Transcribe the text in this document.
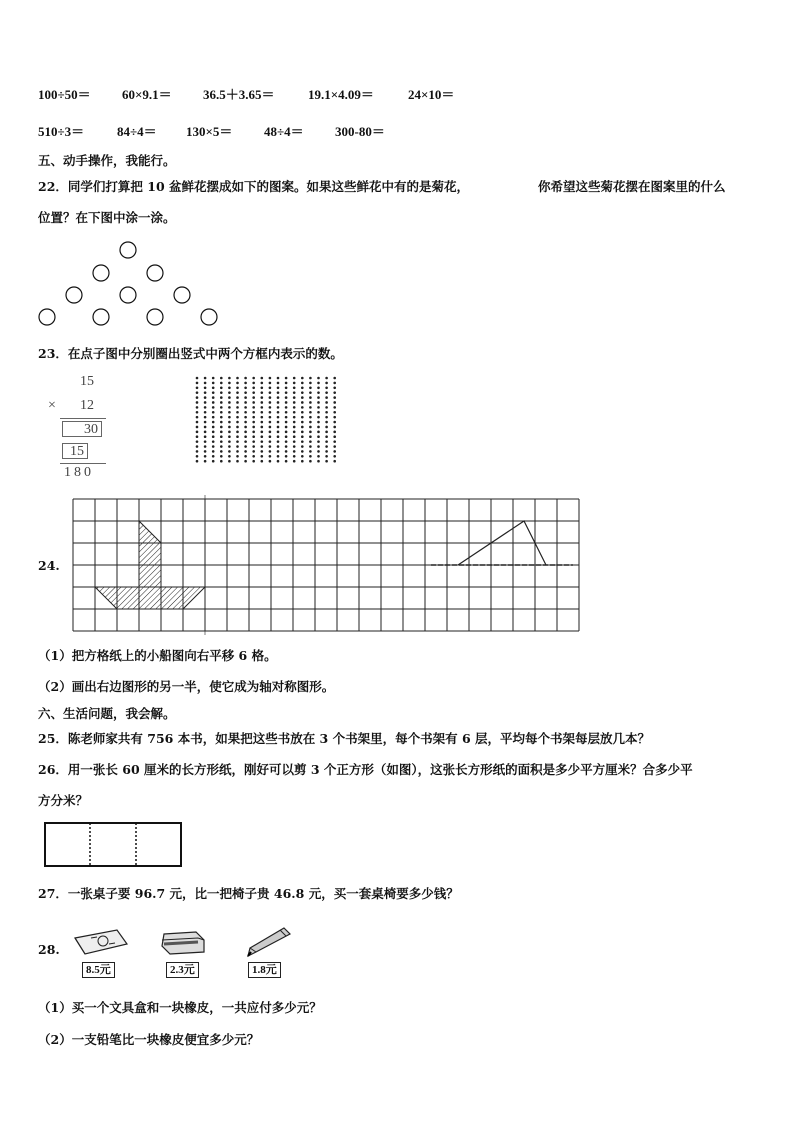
100÷50＝ 60×9.1＝ 36.5＋3.65＝	19.1×4.09＝	24×10＝
510÷3＝	84÷4＝ 130×5＝ 48÷4＝ 300-80＝
五、动手操作，我能行。
22．同学们打算把 10 盆鲜花摆成如下的图案。如果这些鲜花中有的是菊花，	你希望这些菊花摆在图案里的什么
位置？在下图中涂一涂。
23．在点子图中分别圈出竖式中两个方框内表示的数。
15
× 12
30
15
180
24.
（1）把方格纸上的小船图向右平移 6 格。
（2）画出右边图形的另一半，使它成为轴对称图形。
六、生活问题，我会解。
25．陈老师家共有 756 本书，如果把这些书放在 3 个书架里，每个书架有 6 层，平均每个书架每层放几本？
26．用一张长 60 厘米的长方形纸，刚好可以剪 3 个正方形（如图），这张长方形纸的面积是多少平方厘米？合多少平
方分米？
27．一张桌子要 96.7 元，比一把椅子贵 46.8 元，买一套桌椅要多少钱？
28.
8.5元	2.3元	1.8元
（1）买一个文具盒和一块橡皮，一共应付多少元？
（2）一支铅笔比一块橡皮便宜多少元？
